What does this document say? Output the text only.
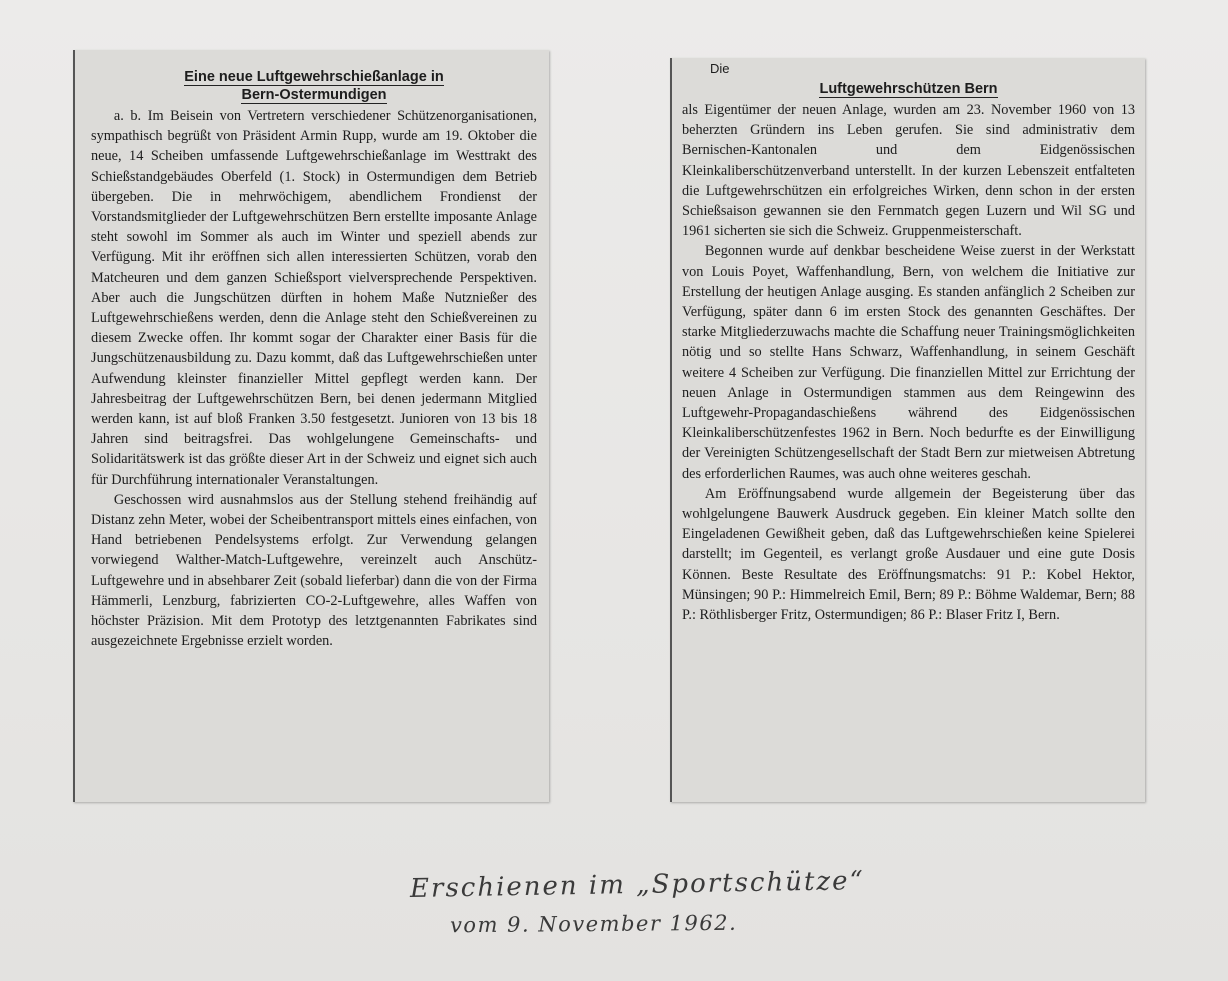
Eine neue Luftgewehrschießanlage in
Bern-Ostermundigen

a. b. Im Beisein von Vertretern verschiedener Schützenorganisationen, sympathisch begrüßt von Präsident Armin Rupp, wurde am 19. Oktober die neue, 14 Scheiben umfassende Luftgewehrschießanlage im Westtrakt des Schießstandgebäudes Oberfeld (1. Stock) in Ostermundigen dem Betrieb übergeben. Die in mehrwöchigem, abendlichem Frondienst der Vorstandsmitglieder der Luftgewehrschützen Bern erstellte imposante Anlage steht sowohl im Sommer als auch im Winter und speziell abends zur Verfügung. Mit ihr eröffnen sich allen interessierten Schützen, vorab den Matcheuren und dem ganzen Schießsport vielversprechende Perspektiven. Aber auch die Jungschützen dürften in hohem Maße Nutznießer des Luftgewehrschießens werden, denn die Anlage steht den Schießvereinen zu diesem Zwecke offen. Ihr kommt sogar der Charakter einer Basis für die Jungschützenausbildung zu. Dazu kommt, daß das Luftgewehrschießen unter Aufwendung kleinster finanzieller Mittel gepflegt werden kann. Der Jahresbeitrag der Luftgewehrschützen Bern, bei denen jedermann Mitglied werden kann, ist auf bloß Franken 3.50 festgesetzt. Junioren von 13 bis 18 Jahren sind beitragsfrei. Das wohlgelungene Gemeinschafts- und Solidaritätswerk ist das größte dieser Art in der Schweiz und eignet sich auch für Durchführung internationaler Veranstaltungen.

Geschossen wird ausnahmslos aus der Stellung stehend freihändig auf Distanz zehn Meter, wobei der Scheibentransport mittels eines einfachen, von Hand betriebenen Pendelsystems erfolgt. Zur Verwendung gelangen vorwiegend Walther-Match-Luftgewehre, vereinzelt auch Anschütz-Luftgewehre und in absehbarer Zeit (sobald lieferbar) dann die von der Firma Hämmerli, Lenzburg, fabrizierten CO-2-Luftgewehre, alles Waffen von höchster Präzision. Mit dem Prototyp des letztgenannten Fabrikates sind ausgezeichnete Ergebnisse erzielt worden.

Die
Luftgewehrschützen Bern

als Eigentümer der neuen Anlage, wurden am 23. November 1960 von 13 beherzten Gründern ins Leben gerufen. Sie sind administrativ dem Bernischen-Kantonalen und dem Eidgenössischen Kleinkaliberschützenverband unterstellt. In der kurzen Lebenszeit entfalteten die Luftgewehrschützen ein erfolgreiches Wirken, denn schon in der ersten Schießsaison gewannen sie den Fernmatch gegen Luzern und Wil SG und 1961 sicherten sie sich die Schweiz. Gruppenmeisterschaft.

Begonnen wurde auf denkbar bescheidene Weise zuerst in der Werkstatt von Louis Poyet, Waffenhandlung, Bern, von welchem die Initiative zur Erstellung der heutigen Anlage ausging. Es standen anfänglich 2 Scheiben zur Verfügung, später dann 6 im ersten Stock des genannten Geschäftes. Der starke Mitgliederzuwachs machte die Schaffung neuer Trainingsmöglichkeiten nötig und so stellte Hans Schwarz, Waffenhandlung, in seinem Geschäft weitere 4 Scheiben zur Verfügung. Die finanziellen Mittel zur Errichtung der neuen Anlage in Ostermundigen stammen aus dem Reingewinn des Luftgewehr-Propagandaschießens während des Eidgenössischen Kleinkaliberschützenfestes 1962 in Bern. Noch bedurfte es der Einwilligung der Vereinigten Schützengesellschaft der Stadt Bern zur mietweisen Abtretung des erforderlichen Raumes, was auch ohne weiteres geschah.

Am Eröffnungsabend wurde allgemein der Begeisterung über das wohlgelungene Bauwerk Ausdruck gegeben. Ein kleiner Match sollte den Eingeladenen Gewißheit geben, daß das Luftgewehrschießen keine Spielerei darstellt; im Gegenteil, es verlangt große Ausdauer und eine gute Dosis Können. Beste Resultate des Eröffnungsmatchs: 91 P.: Kobel Hektor, Münsingen; 90 P.: Himmelreich Emil, Bern; 89 P.: Böhme Waldemar, Bern; 88 P.: Röthlisberger Fritz, Ostermundigen; 86 P.: Blaser Fritz I, Bern.

Erschienen im „Sportschütze“
vom 9. November 1962.
